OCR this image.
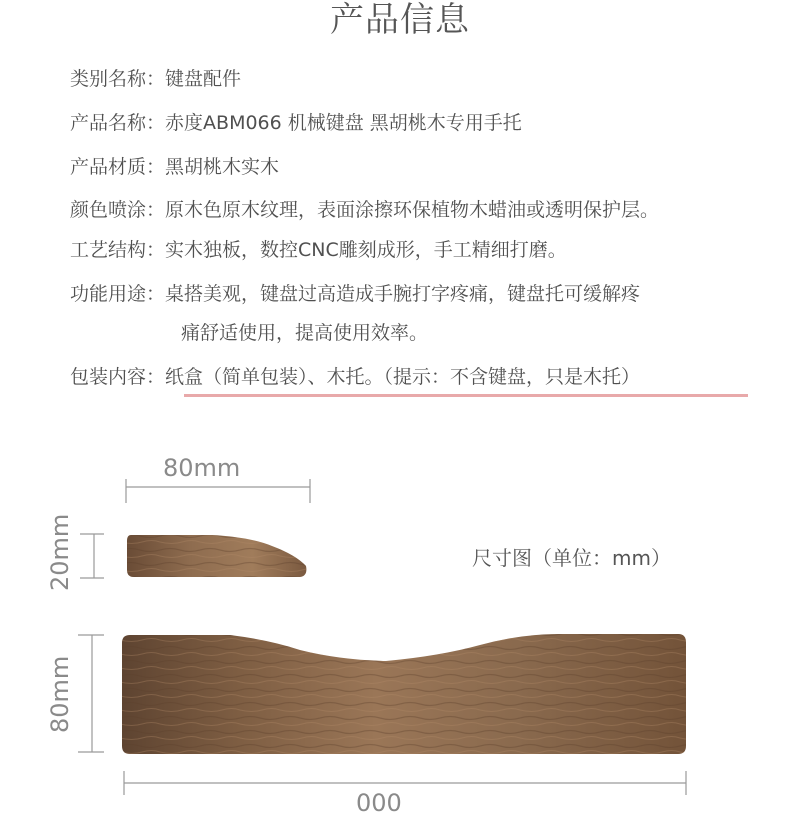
产品信息
类别名称：键盘配件
产品名称：赤度ABM066 机械键盘 黑胡桃木专用手托
产品材质：黑胡桃木实木
颜色喷涂：原木色原木纹理，表面涂擦环保植物木蜡油或透明保护层。
工艺结构：实木独板，数控CNC雕刻成形，手工精细打磨。
功能用途：桌搭美观，键盘过高造成手腕打字疼痛，键盘托可缓解疼
痛舒适使用，提高使用效率。
包装内容：纸盒（简单包装）、木托。（提示：不含键盘，只是木托）
80mm
20mm
80mm
000
尺寸图（单位：mm）
